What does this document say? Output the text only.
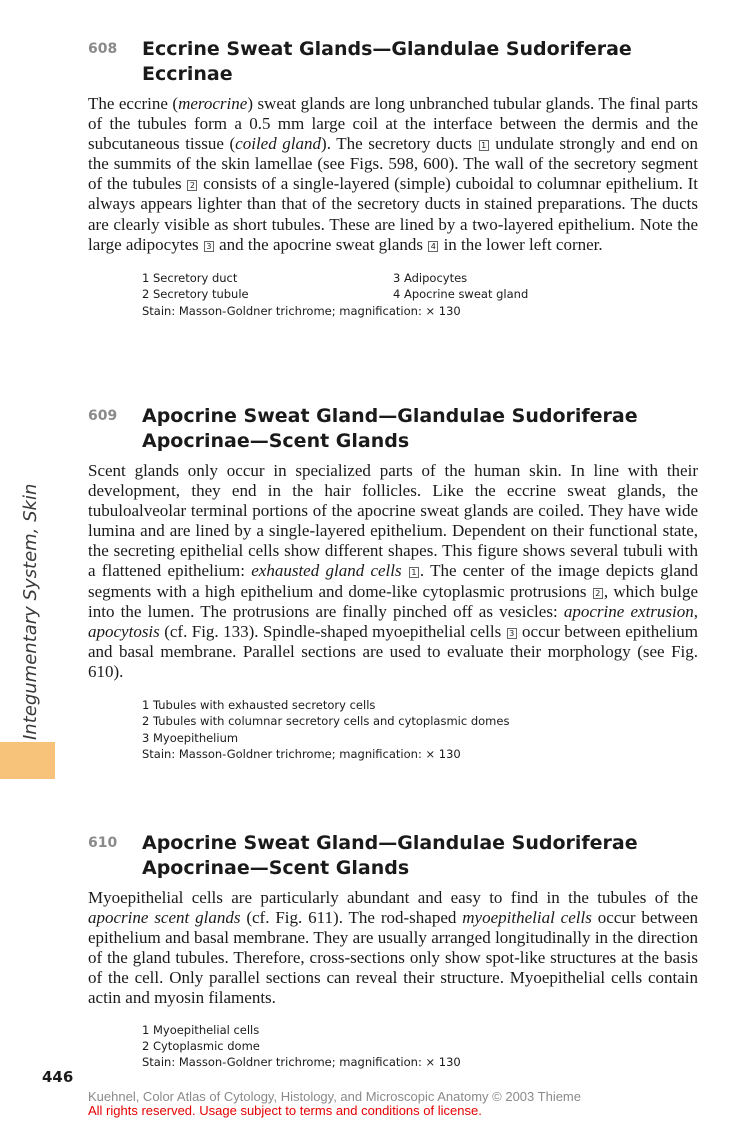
Integumentary System, Skin
608 Eccrine Sweat Glands—Glandulae Sudoriferae Eccrinae
The eccrine (merocrine) sweat glands are long unbranched tubular glands. The final parts of the tubules form a 0.5 mm large coil at the interface between the dermis and the subcutaneous tissue (coiled gland). The secretory ducts 1 undulate strongly and end on the summits of the skin lamellae (see Figs. 598, 600). The wall of the secretory segment of the tubules 2 consists of a single-layered (simple) cuboidal to columnar epithelium. It always appears lighter than that of the secretory ducts in stained preparations. The ducts are clearly visible as short tubules. These are lined by a two-layered epithelium. Note the large adipocytes 3 and the apocrine sweat glands 4 in the lower left corner.
1 Secretory duct	3 Adipocytes
2 Secretory tubule	4 Apocrine sweat gland
Stain: Masson-Goldner trichrome; magnification: × 130
609 Apocrine Sweat Gland—Glandulae Sudoriferae Apocrinae—Scent Glands
Scent glands only occur in specialized parts of the human skin. In line with their development, they end in the hair follicles. Like the eccrine sweat glands, the tubuloalveolar terminal portions of the apocrine sweat glands are coiled. They have wide lumina and are lined by a single-layered epithelium. Dependent on their functional state, the secreting epithelial cells show different shapes. This figure shows several tubuli with a flattened epithelium: exhausted gland cells 1 . The center of the image depicts gland segments with a high epithelium and dome-like cytoplasmic protrusions 2 , which bulge into the lumen. The protrusions are finally pinched off as vesicles: apocrine extrusion, apocytosis (cf. Fig. 133). Spindle-shaped myoepithelial cells 3 occur between epithelium and basal membrane. Parallel sections are used to evaluate their morphology (see Fig. 610).
1 Tubules with exhausted secretory cells
2 Tubules with columnar secretory cells and cytoplasmic domes
3 Myoepithelium
Stain: Masson-Goldner trichrome; magnification: × 130
610 Apocrine Sweat Gland—Glandulae Sudoriferae Apocrinae—Scent Glands
Myoepithelial cells are particularly abundant and easy to find in the tubules of the apocrine scent glands (cf. Fig. 611). The rod-shaped myoepithelial cells occur between epithelium and basal membrane. They are usually arranged longitudinally in the direction of the gland tubules. Therefore, cross-sections only show spot-like structures at the basis of the cell. Only parallel sections can reveal their structure. Myoepithelial cells contain actin and myosin filaments.
1 Myoepithelial cells
2 Cytoplasmic dome
Stain: Masson-Goldner trichrome; magnification: × 130
446
Kuehnel, Color Atlas of Cytology, Histology, and Microscopic Anatomy © 2003 Thieme
All rights reserved. Usage subject to terms and conditions of license.
